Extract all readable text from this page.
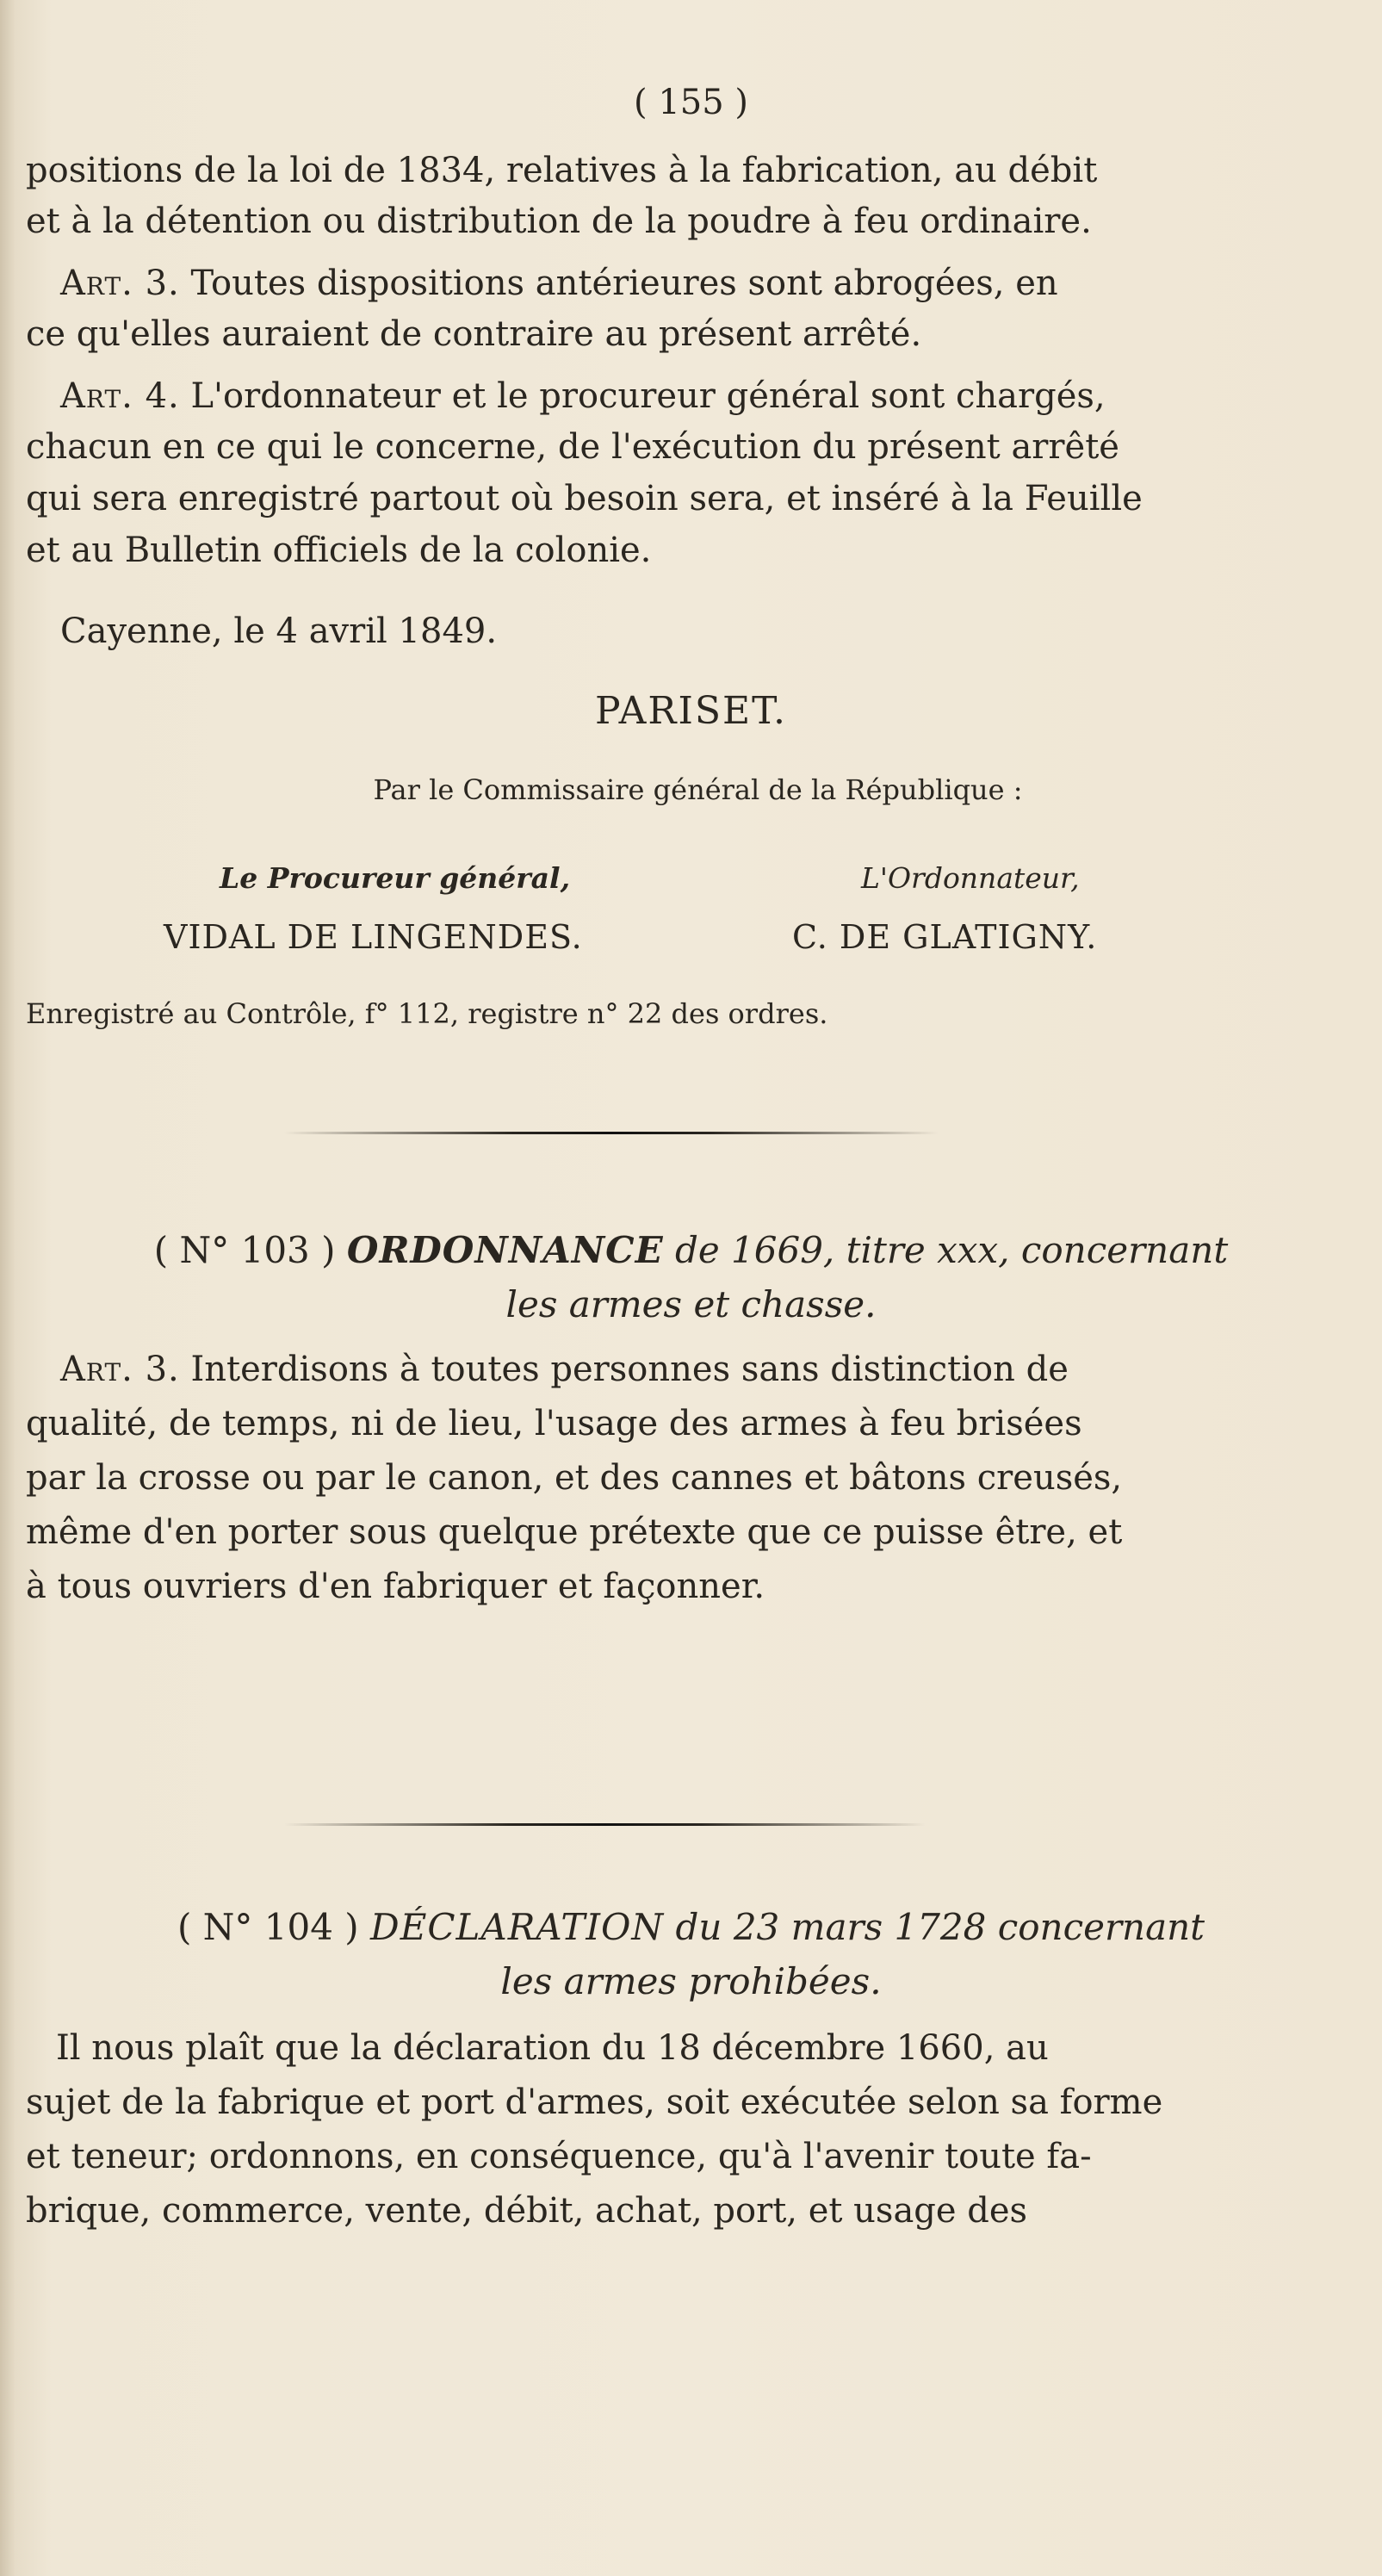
( 155 )
positions de la loi de 1834, relatives à la fabrication, au débit
et à la détention ou distribution de la poudre à feu ordinaire.
Art. 3. Toutes dispositions antérieures sont abrogées, en
ce qu'elles auraient de contraire au présent arrêté.
Art. 4. L'ordonnateur et le procureur général sont chargés,
chacun en ce qui le concerne, de l'exécution du présent arrêté
qui sera enregistré partout où besoin sera, et inséré à la Feuille
et au Bulletin officiels de la colonie.
Cayenne, le 4 avril 1849.
PARISET.
Par le Commissaire général de la République :
Le Procureur général,	L'Ordonnateur,
VIDAL DE LINGENDES.	C. DE GLATIGNY.
Enregistré au Contrôle, f° 112, registre n° 22 des ordres.
( N° 103 ) ORDONNANCE de 1669, titre xxx, concernant
les armes et chasse.
Art. 3. Interdisons à toutes personnes sans distinction de
qualité, de temps, ni de lieu, l'usage des armes à feu brisées
par la crosse ou par le canon, et des cannes et bâtons creusés,
même d'en porter sous quelque prétexte que ce puisse être, et
à tous ouvriers d'en fabriquer et façonner.
( N° 104 ) DÉCLARATION du 23 mars 1728 concernant
les armes prohibées.
Il nous plaît que la déclaration du 18 décembre 1660, au
sujet de la fabrique et port d'armes, soit exécutée selon sa forme
et teneur; ordonnons, en conséquence, qu'à l'avenir toute fa-
brique, commerce, vente, débit, achat, port, et usage des
